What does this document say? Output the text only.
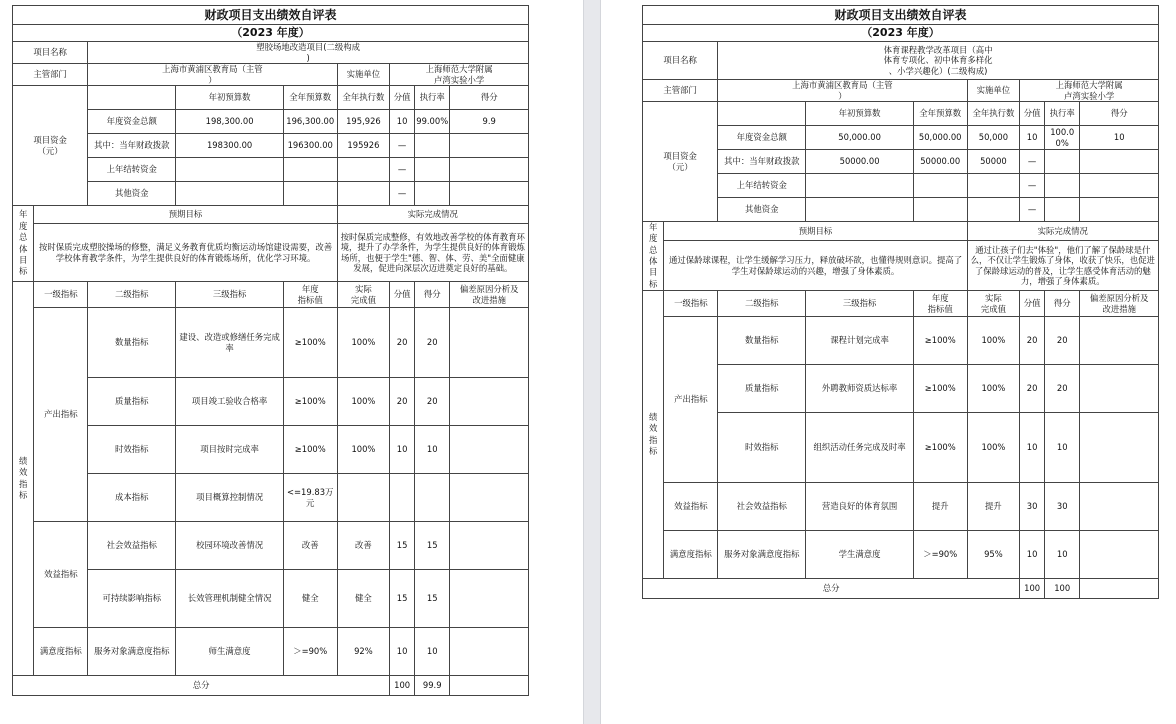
财政项目支出绩效自评表								
（2023 年度）								
项目名称		塑胶场地改造项目(二级构成
)						
主管部门		上海市黄浦区教育局（主管
）			实施单位	上海师范大学附属
卢湾实验小学		
项目资金
（元）			年初预算数	全年预算数	全年执行数	分值	执行率	得分
		年度资金总额	198,300.00	196,300.00	195,926	10	99.00%	9.9
		其中：当年财政拨款	198300.00	196300.00	195926	—		
		上年结转资金				—		
		其他资金				—		
年度总体目标	预期目标				实际完成情况			
	按时保质完成塑胶操场的修整，满足义务教育优质均衡运动场馆建设需要，改善学校体育教学条件，为学生提供良好的体育锻炼场所，优化学习环境。				按时保质完成整修，有效地改善学校的体育教育环境，提升了办学条件，为学生提供良好的体育锻炼场所，也便于学生"德、智、体、劳、美"全面健康发展，促进向深层次迈进奠定良好的基础。			
绩效指标	一级指标	二级指标	三级指标	年度
指标值	实际
完成值	分值	得分	偏差原因分析及
改进措施
	产出指标	数量指标	建设、改造或修缮任务完成率	≥100%	100%	20	20	
		质量指标	项目竣工验收合格率	≥100%	100%	20	20	
		时效指标	项目按时完成率	≥100%	100%	10	10	
		成本指标	项目概算控制情况	<=19.83万元				
	效益指标	社会效益指标	校园环境改善情况	改善	改善	15	15	
		可持续影响指标	长效管理机制健全情况	健全	健全	15	15	
	满意度指标	服务对象满意度指标	师生满意度	＞=90%	92%	10	10	
总分						100	99.9	
财政项目支出绩效自评表								
（2023 年度）								
项目名称		体育课程教学改革项目（高中
体育专项化、初中体育多样化
、小学兴趣化）(二级构成)						
主管部门		上海市黄浦区教育局（主管
）			实施单位	上海师范大学附属
卢湾实验小学		
项目资金
（元）			年初预算数	全年预算数	全年执行数	分值	执行率	得分
		年度资金总额	50,000.00	50,000.00	50,000	10	100.00%	10
		其中：当年财政拨款	50000.00	50000.00	50000	—		
		上年结转资金				—		
		其他资金				—		
年度总体目标	预期目标				实际完成情况			
	通过保龄球课程，让学生缓解学习压力，释放破坏欲，也懂得规则意识。提高了学生对保龄球运动的兴趣，增强了身体素质。				通过让孩子们去"体验"，他们了解了保龄球是什么，不仅让学生锻炼了身体，收获了快乐，也促进了保龄球运动的普及，让学生感受体育活动的魅力，增强了身体素质。			
绩效指标	一级指标	二级指标	三级指标	年度
指标值	实际
完成值	分值	得分	偏差原因分析及
改进措施
	产出指标	数量指标	课程计划完成率	≥100%	100%	20	20	
		质量指标	外聘教师资质达标率	≥100%	100%	20	20	
		时效指标	组织活动任务完成及时率	≥100%	100%	10	10	
	效益指标	社会效益指标	营造良好的体育氛围	提升	提升	30	30	
	满意度指标	服务对象满意度指标	学生满意度	＞=90%	95%	10	10	
总分						100	100	
